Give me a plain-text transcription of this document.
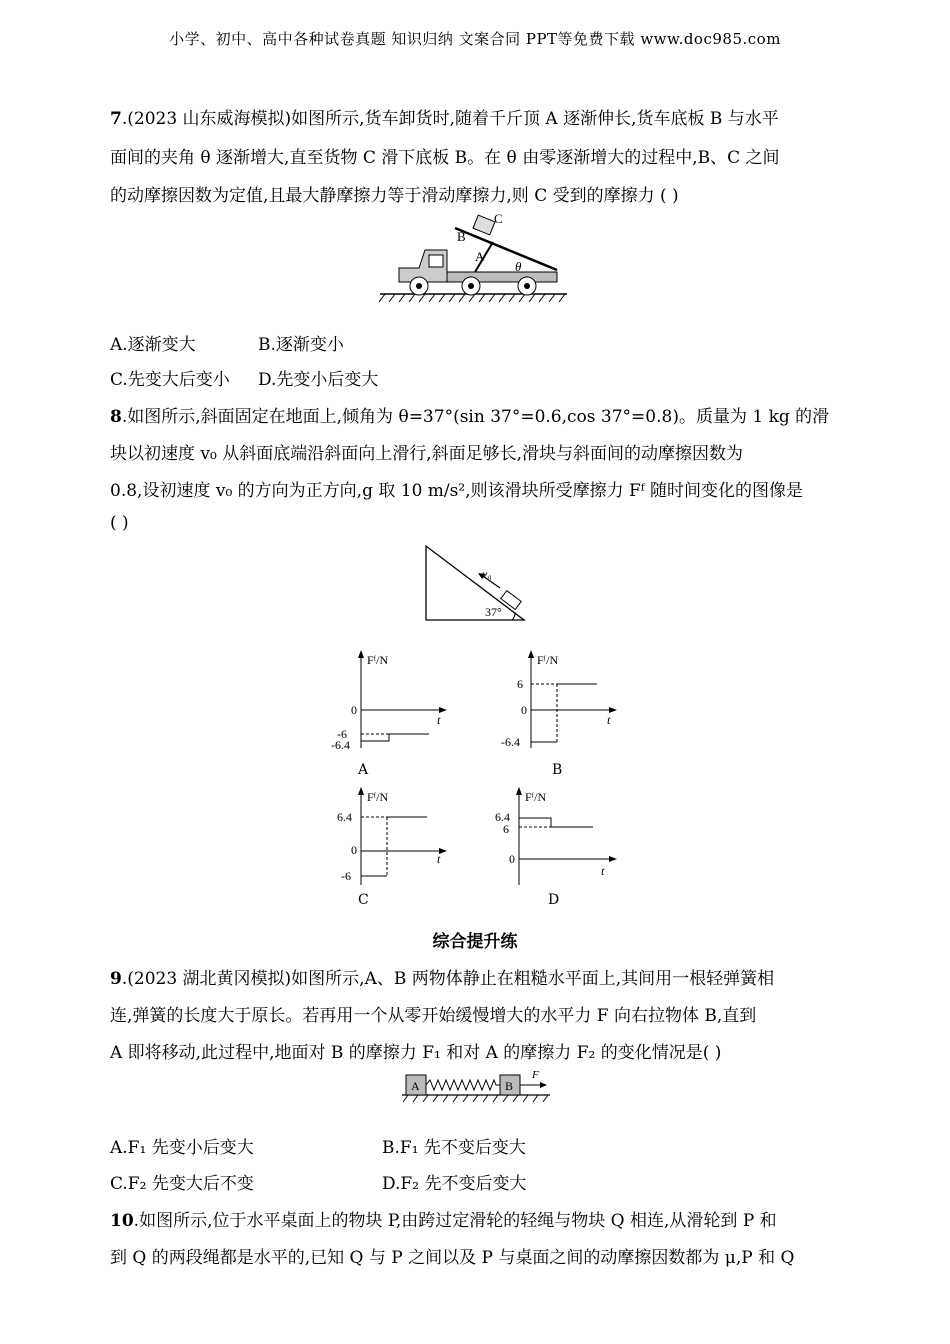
小学、初中、高中各种试卷真题 知识归纳 文案合同 PPT等免费下载 www.doc985.com
7.(2023 山东威海模拟)如图所示,货车卸货时,随着千斤顶 A 逐渐伸长,货车底板 B 与水平
面间的夹角 θ 逐渐增大,直至货物 C 滑下底板 B。在 θ 由零逐渐增大的过程中,B、C 之间
的动摩擦因数为定值,且最大静摩擦力等于滑动摩擦力,则 C 受到的摩擦力 ( )
B
C
A
θ
A.逐渐变大	B.逐渐变小
C.先变大后变小 D.先变小后变大
8.如图所示,斜面固定在地面上,倾角为 θ=37°(sin 37°=0.6,cos 37°=0.8)。质量为 1 kg 的滑
块以初速度 v₀ 从斜面底端沿斜面向上滑行,斜面足够长,滑块与斜面间的动摩擦因数为
0.8,设初速度 v₀ 的方向为正方向,g 取 10 m/s²,则该滑块所受摩擦力 Fᶠ 随时间变化的图像是
( )
v₀
37°
Fᶠ/N
t
0
-6
-6.4
A
Fᶠ/N
t
0
6
-6.4
B
Fᶠ/N
t
0
6.4
-6
C
Fᶠ/N
t
0
6.4
6
D
综合提升练
9.(2023 湖北黄冈模拟)如图所示,A、B 两物体静止在粗糙水平面上,其间用一根轻弹簧相
连,弹簧的长度大于原长。若再用一个从零开始缓慢增大的水平力 F 向右拉物体 B,直到
A 即将移动,此过程中,地面对 B 的摩擦力 F₁ 和对 A 的摩擦力 F₂ 的变化情况是( )
A	B
F
A.F₁ 先变小后变大	B.F₁ 先不变后变大
C.F₂ 先变大后不变	D.F₂ 先不变后变大
10.如图所示,位于水平桌面上的物块 P,由跨过定滑轮的轻绳与物块 Q 相连,从滑轮到 P 和
到 Q 的两段绳都是水平的,已知 Q 与 P 之间以及 P 与桌面之间的动摩擦因数都为 μ,P 和 Q
